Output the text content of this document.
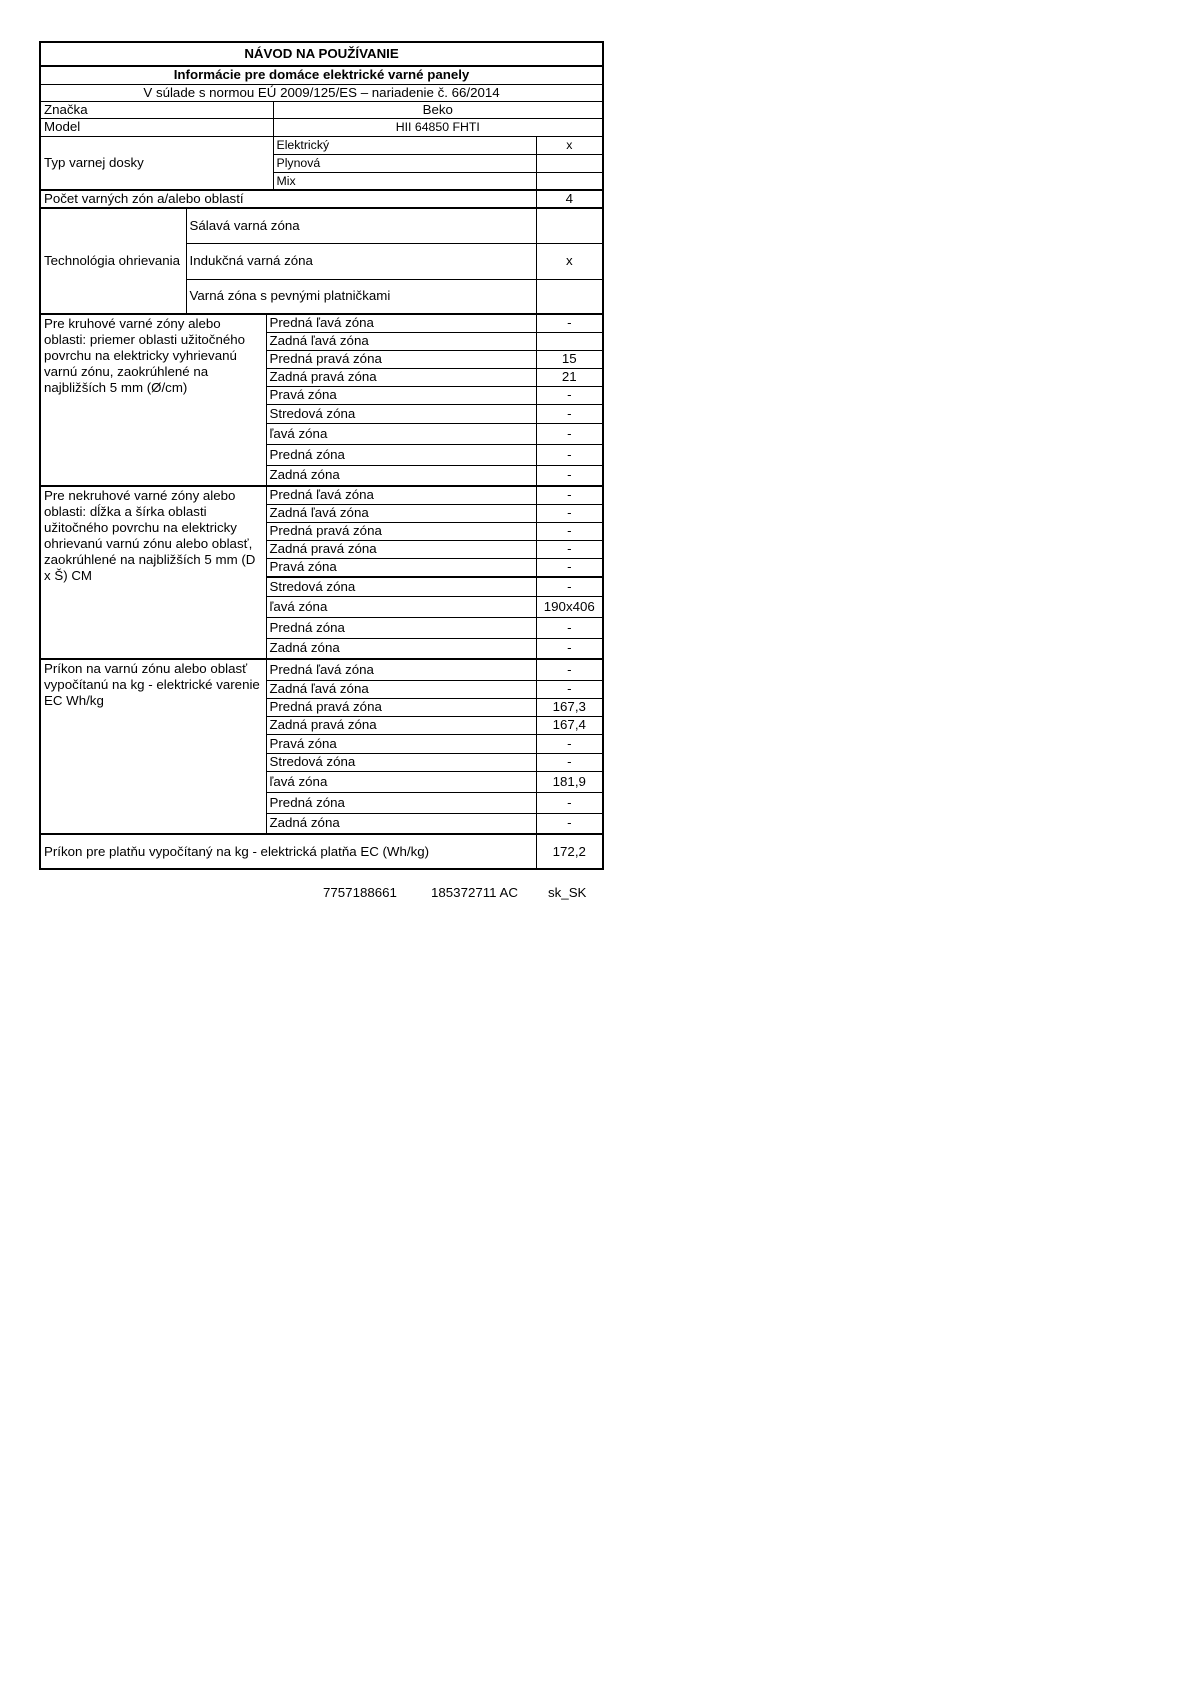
NÁVOD NA POUŽÍVANIE				
Informácie pre domáce elektrické varné panely				
V súlade s normou EÚ 2009/125/ES – nariadenie č. 66/2014				
Značka			Beko	
Model			HII 64850 FHTI	
Typ varnej dosky			Elektrický	x
			Plynová	
			Mix	
Počet varných zón a/alebo oblastí				4
Technológia ohrievania	Sálavá varná zóna			
	Indukčná varná zóna			x
	Varná zóna s pevnými platničkami			
Pre kruhové varné zóny alebo oblasti: priemer oblasti užitočného povrchu na elektricky vyhrievanú varnú zónu, zaokrúhlené na najbližších 5 mm (Ø/cm)		Predná ľavá zóna		-
		Zadná ľavá zóna		
		Predná pravá zóna		15
		Zadná pravá zóna		21
		Pravá zóna		-
		Stredová zóna		-
		ľavá zóna		-
		Predná zóna		-
		Zadná zóna		-
Pre nekruhové varné zóny alebo oblasti: dĺžka a šírka oblasti užitočného povrchu na elektricky ohrievanú varnú zónu alebo oblasť, zaokrúhlené na najbližších 5 mm (D x Š) CM		Predná ľavá zóna		-
		Zadná ľavá zóna		-
		Predná pravá zóna		-
		Zadná pravá zóna		-
		Pravá zóna		-
		Stredová zóna		-
		ľavá zóna		190x406
		Predná zóna		-
		Zadná zóna		-
Príkon na varnú zónu alebo oblasť vypočítanú na kg - elektrické varenie EC Wh/kg		Predná ľavá zóna		-
		Zadná ľavá zóna		-
		Predná pravá zóna		167,3
		Zadná pravá zóna		167,4
		Pravá zóna		-
		Stredová zóna		-
		ľavá zóna		181,9
		Predná zóna		-
		Zadná zóna		-
Príkon pre platňu vypočítaný na kg - elektrická platňa EC (Wh/kg)				172,2
7757188661	185372711 AC sk_SK
